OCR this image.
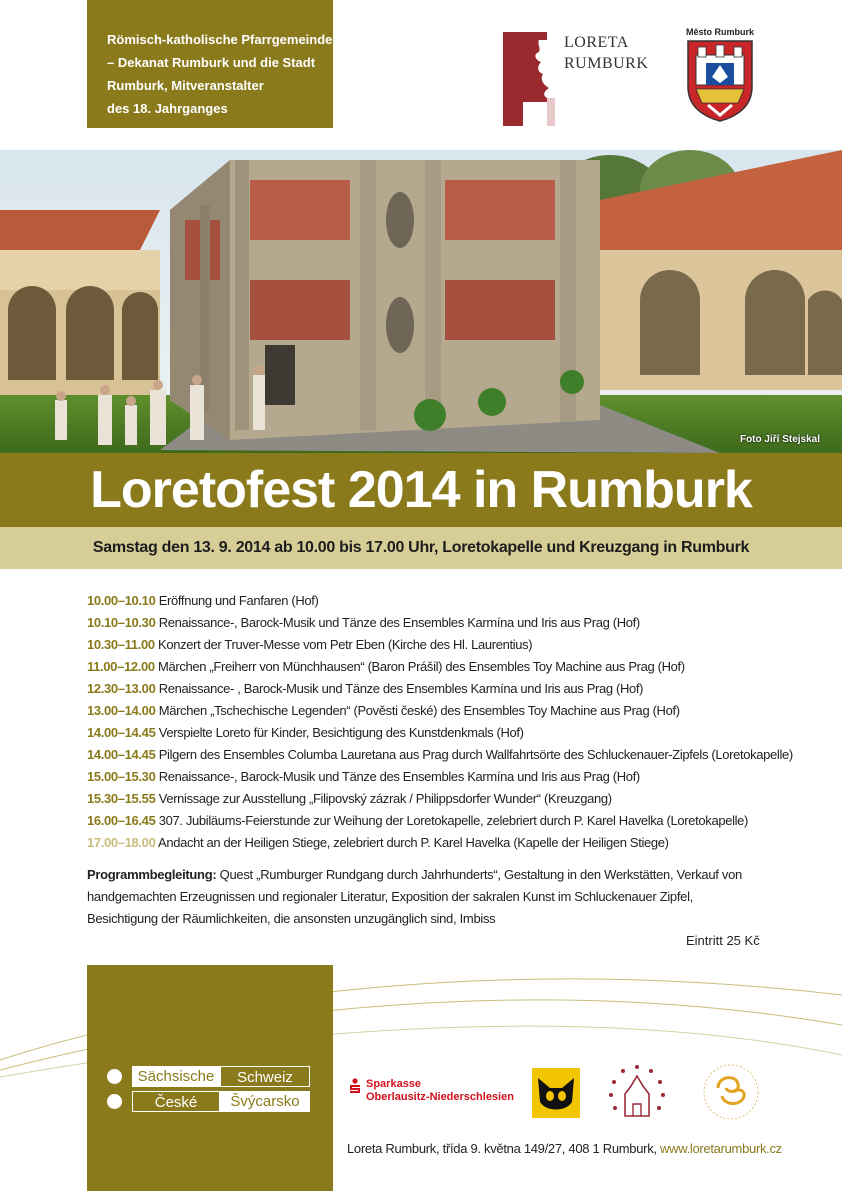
Römisch-katholische Pfarrgemeinde
– Dekanat Rumburk und die Stadt
Rumburk, Mitveranstalter
des 18. Jahrganges
LORETA
RUMBURK
Město Rumburk
Foto Jiří Stejskal
Loretofest 2014 in Rumburk
Samstag den 13. 9. 2014 ab 10.00 bis 17.00 Uhr, Loretokapelle und Kreuzgang in Rumburk
10.00–10.10 Eröffnung und Fanfaren (Hof)
10.10–10.30 Renaissance-, Barock-Musik und Tänze des Ensembles Karmína und Iris aus Prag (Hof)
10.30–11.00 Konzert der Truver-Messe vom Petr Eben (Kirche des Hl. Laurentius)
11.00–12.00 Märchen „Freiherr von Münchhausen“ (Baron Prášil) des Ensembles Toy Machine aus Prag (Hof)
12.30–13.00 Renaissance- , Barock-Musik und Tänze des Ensembles Karmína und Iris aus Prag (Hof)
13.00–14.00 Märchen „Tschechische Legenden“ (Pověsti české) des Ensembles Toy Machine aus Prag (Hof)
14.00–14.45 Verspielte Loreto für Kinder, Besichtigung des Kunstdenkmals (Hof)
14.00–14.45 Pilgern des Ensembles Columba Lauretana aus Prag durch Wallfahrtsörte des Schluckenauer-Zipfels (Loretokapelle)
15.00–15.30 Renaissance-, Barock-Musik und Tänze des Ensembles Karmína und Iris aus Prag (Hof)
15.30–15.55 Vernissage zur Ausstellung „Filipovský zázrak / Philippsdorfer Wunder“ (Kreuzgang)
16.00–16.45 307. Jubiläums-Feierstunde zur Weihung der Loretokapelle, zelebriert durch P. Karel Havelka (Loretokapelle)
17.00–18.00 Andacht an der Heiligen Stiege, zelebriert durch P. Karel Havelka (Kapelle der Heiligen Stiege)
Programmbegleitung: Quest „Rumburger Rundgang durch Jahrhunderts“, Gestaltung in den Werkstätten, Verkauf von handgemachten Erzeugnissen und regionaler Literatur, Exposition der sakralen Kunst im Schluckenauer Zipfel, Besichtigung der Räumlichkeiten, die ansonsten unzugänglich sind, Imbiss
Eintritt 25 Kč
Sächsische	Schweiz
České	Švýcarsko
Sparkasse
Oberlausitz-Niederschlesien
Loreta Rumburk, třída 9. května 149/27, 408 1 Rumburk, www.loretarumburk.cz
